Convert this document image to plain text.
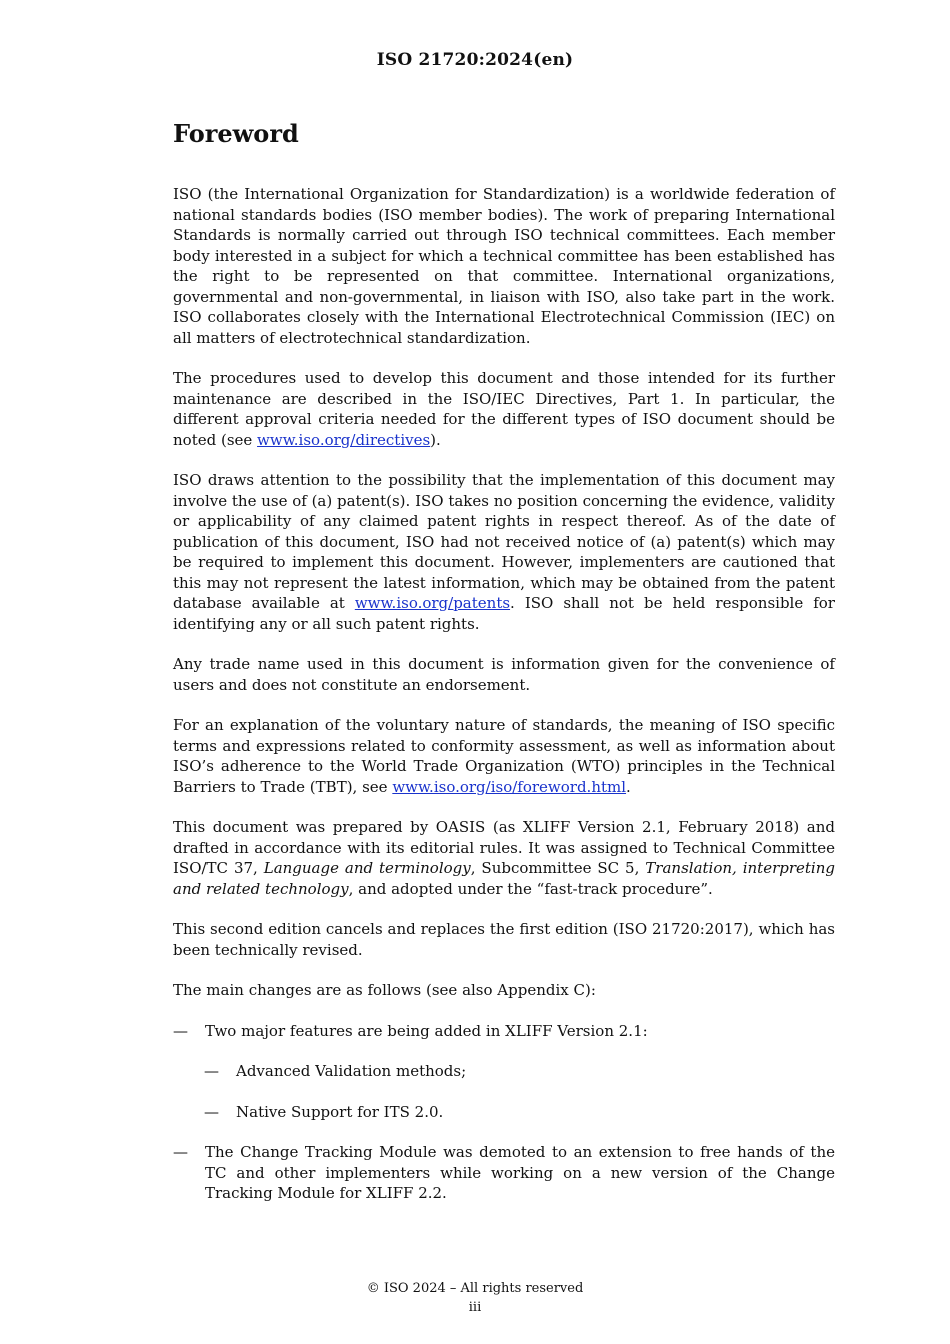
ISO 21720:2024(en)
Foreword

ISO (the International Organization for Standardization) is a worldwide federation of national standards bodies (ISO member bodies). The work of preparing International Standards is normally carried out through ISO technical committees. Each member body interested in a subject for which a technical committee has been established has the right to be represented on that committee. International organizations, governmental and non-governmental, in liaison with ISO, also take part in the work. ISO collaborates closely with the International Electrotechnical Commission (IEC) on all matters of electrotechnical standardization.

The procedures used to develop this document and those intended for its further maintenance are described in the ISO/IEC Directives, Part 1. In particular, the different approval criteria needed for the different types of ISO document should be noted (see www.iso.org/directives).

ISO draws attention to the possibility that the implementation of this document may involve the use of (a) patent(s). ISO takes no position concerning the evidence, validity or applicability of any claimed patent rights in respect thereof. As of the date of publication of this document, ISO had not received notice of (a) patent(s) which may be required to implement this document. However, implementers are cautioned that this may not represent the latest information, which may be obtained from the patent database available at www.iso.org/patents. ISO shall not be held responsible for identifying any or all such patent rights.

Any trade name used in this document is information given for the convenience of users and does not constitute an endorsement.

For an explanation of the voluntary nature of standards, the meaning of ISO specific terms and expressions related to conformity assessment, as well as information about ISO’s adherence to the World Trade Organization (WTO) principles in the Technical Barriers to Trade (TBT), see www.iso.org/iso/foreword.html.

This document was prepared by OASIS (as XLIFF Version 2.1, February 2018) and drafted in accordance with its editorial rules. It was assigned to Technical Committee ISO/TC 37, Language and terminology, Subcommittee SC 5, Translation, interpreting and related technology, and adopted under the “fast-track procedure”.

This second edition cancels and replaces the first edition (ISO 21720:2017), which has been technically revised.

The main changes are as follows (see also Appendix C):

— Two major features are being added in XLIFF Version 2.1:
— Advanced Validation methods;
— Native Support for ITS 2.0.
— The Change Tracking Module was demoted to an extension to free hands of the TC and other implementers while working on a new version of the Change Tracking Module for XLIFF 2.2.
© ISO 2024 – All rights reserved
iii
